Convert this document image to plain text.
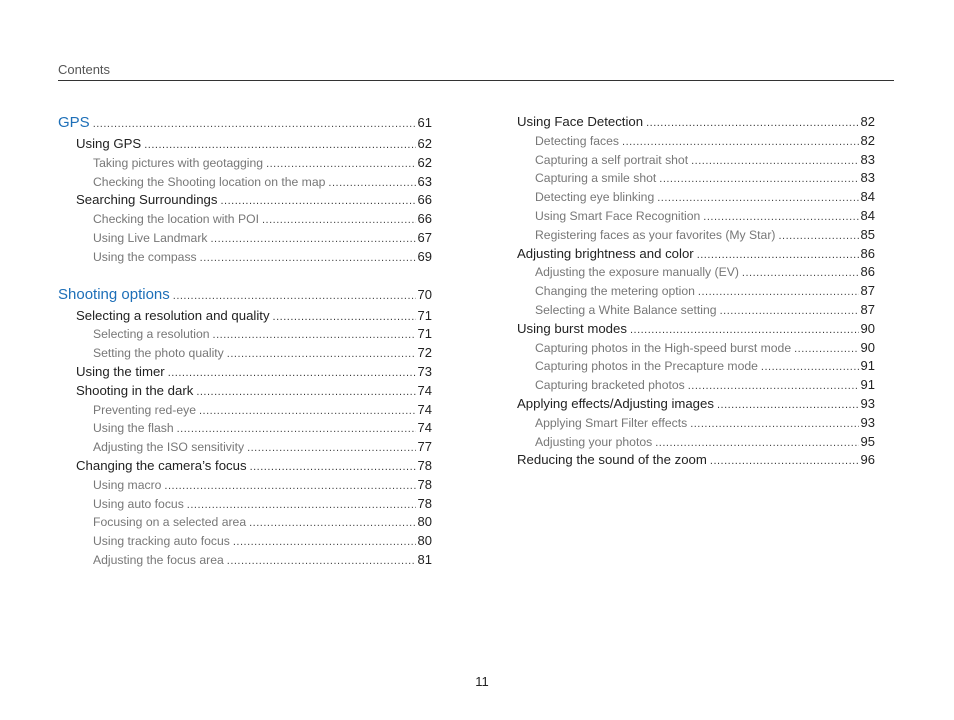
Contents
GPS .....	61
Using GPS .....	62
Taking pictures with geotagging .....	62
Checking the Shooting location on the map .....	63
Searching Surroundings .....	66
Checking the location with POI .....	66
Using Live Landmark .....	67
Using the compass .....	69
Shooting options .....	70
Selecting a resolution and quality .....	71
Selecting a resolution .....	71
Setting the photo quality .....	72
Using the timer .....	73
Shooting in the dark .....	74
Preventing red-eye .....	74
Using the flash .....	74
Adjusting the ISO sensitivity .....	77
Changing the camera’s focus .....	78
Using macro .....	78
Using auto focus .....	78
Focusing on a selected area .....	80
Using tracking auto focus .....	80
Adjusting the focus area .....	81
Using Face Detection .....	82
Detecting faces .....	82
Capturing a self portrait shot .....	83
Capturing a smile shot .....	83
Detecting eye blinking .....	84
Using Smart Face Recognition .....	84
Registering faces as your favorites (My Star) .....	85
Adjusting brightness and color .....	86
Adjusting the exposure manually (EV) .....	86
Changing the metering option .....	87
Selecting a White Balance setting .....	87
Using burst modes .....	90
Capturing photos in the High-speed burst mode .....	90
Capturing photos in the Precapture mode .....	91
Capturing bracketed photos .....	91
Applying effects/Adjusting images .....	93
Applying Smart Filter effects .....	93
Adjusting your photos .....	95
Reducing the sound of the zoom .....	96
11
